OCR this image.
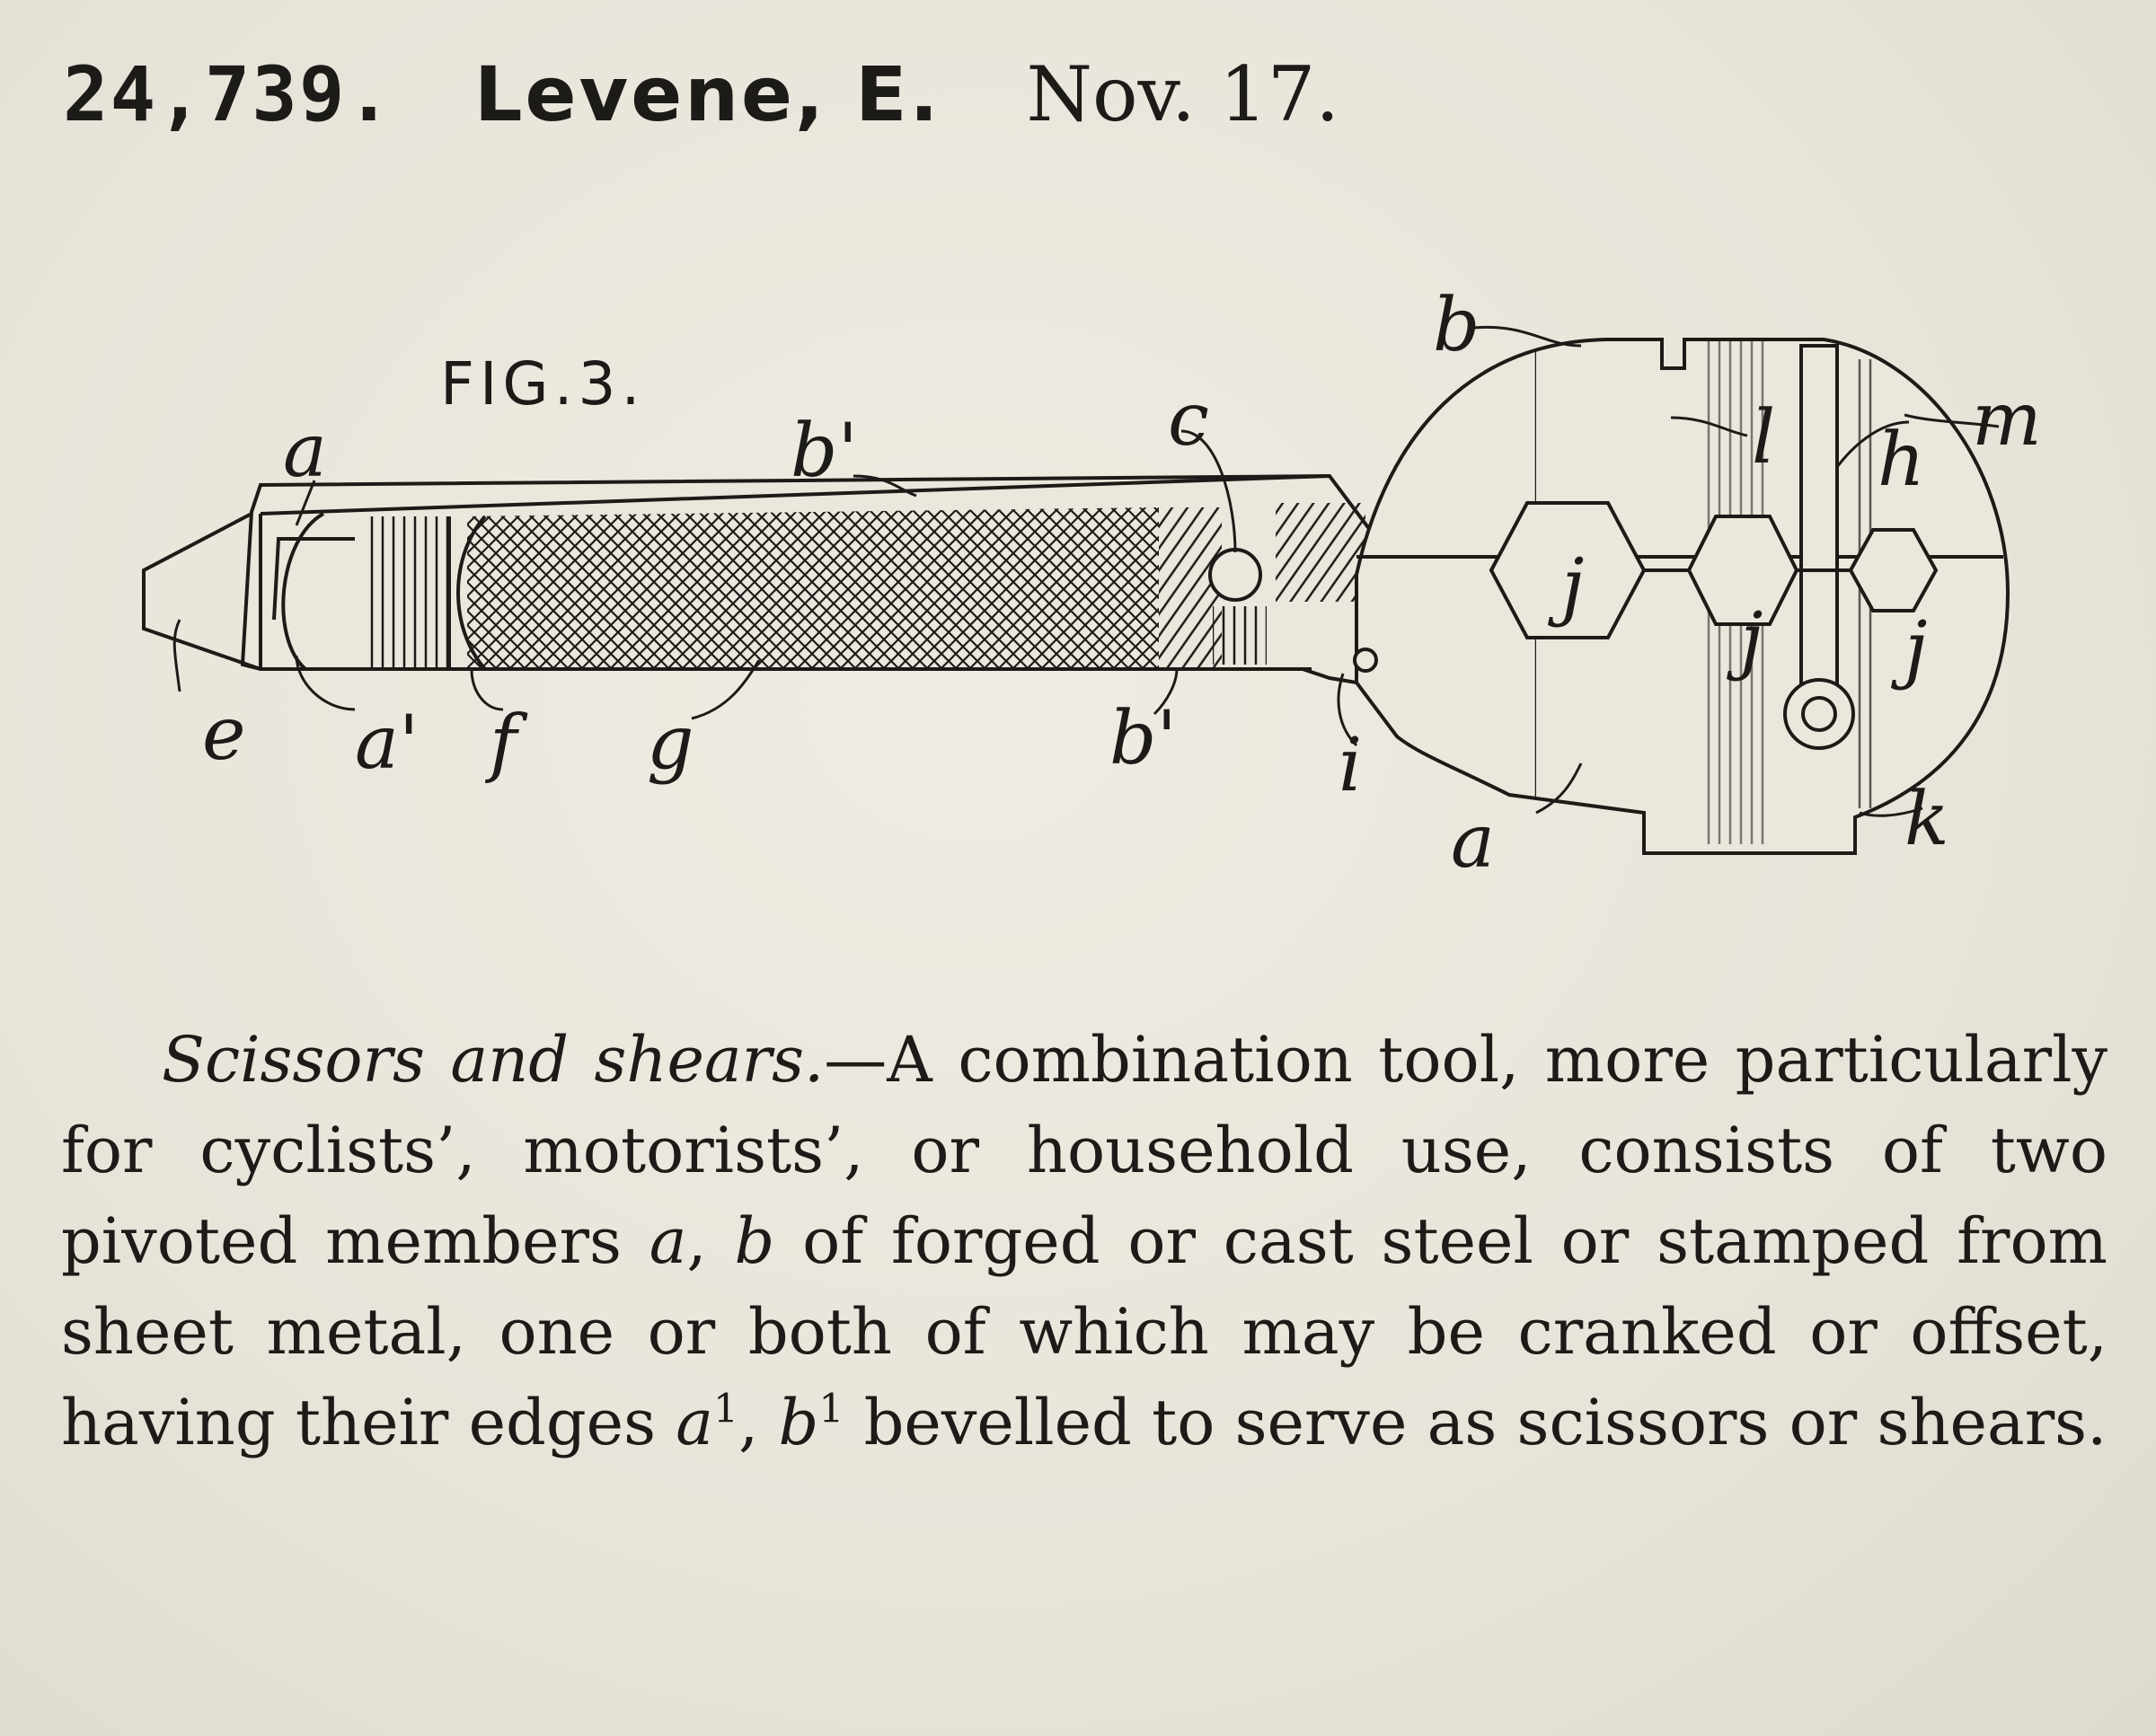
24,739. Levene, E. Nov. 17.
FIG.3.
a	b'	c
b
l h m
j
j j
e a' f g	b' i
a	k

Scissors and shears.—A combination tool, more particularly for cyclists’, motorists’, or household use, consists of two pivoted members a, b of forged or cast steel or stamped from sheet metal, one or both of which may be cranked or offset, having their edges $a^1$, $b^1$ bevelled to serve as scissors or shears.
